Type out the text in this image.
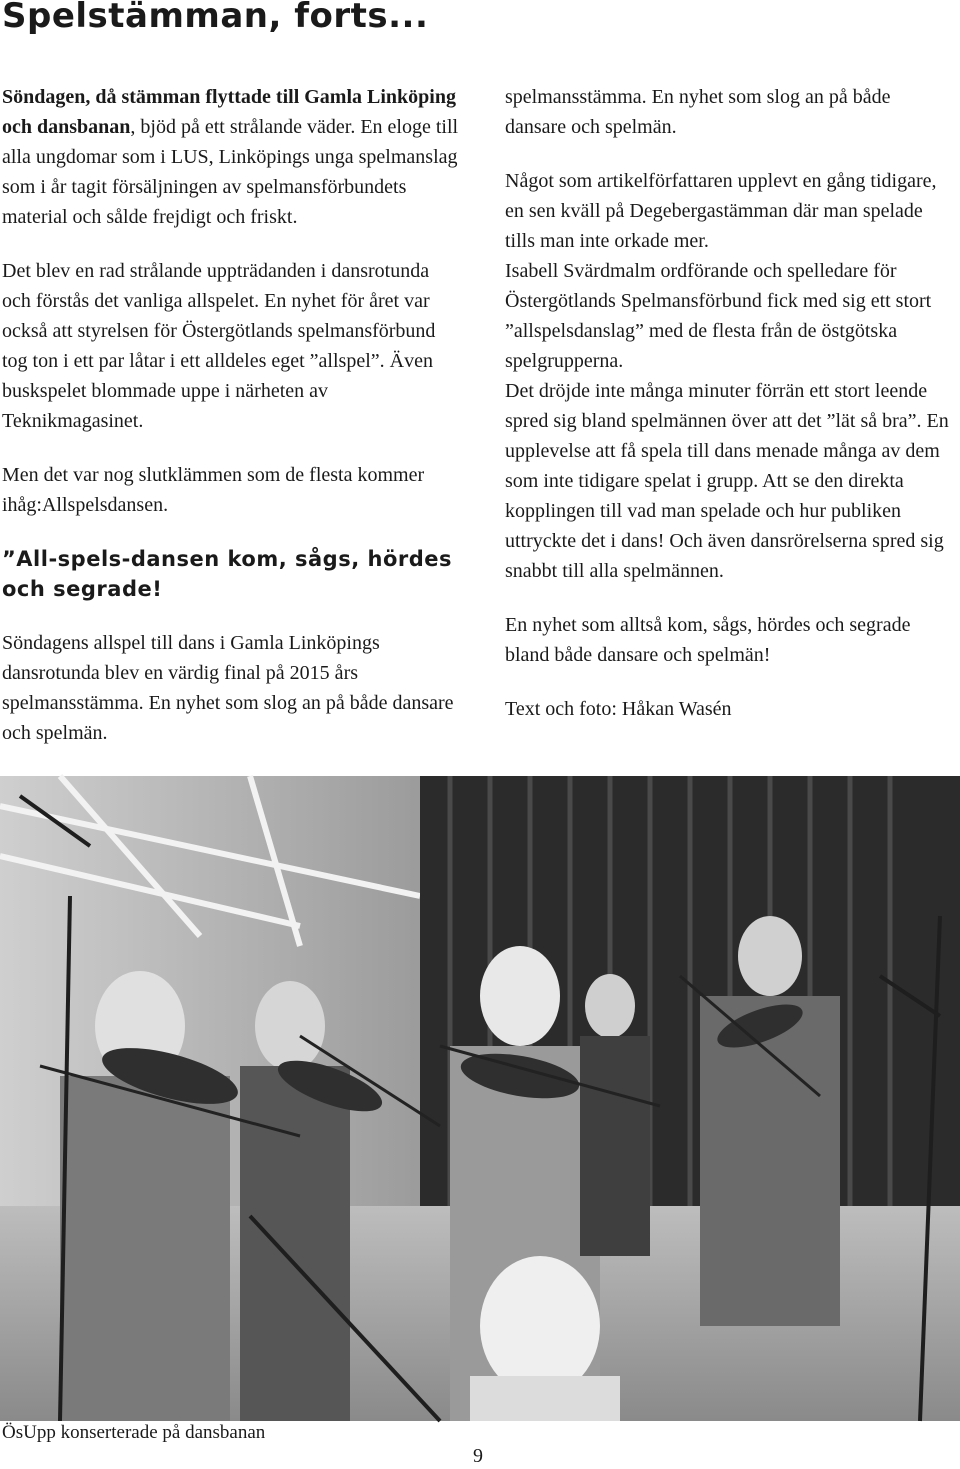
Spelstämman, forts...

Söndagen, då stämman flyttade till Gamla Linköping och dansbanan, bjöd på ett strålande väder. En eloge till alla ungdomar som i LUS, Linköpings unga spelmanslag som i år tagit försäljningen av spelmansförbundets material och sålde frejdigt och friskt.

Det blev en rad strålande uppträdanden i dansrotunda och förstås det vanliga allspelet. En nyhet för året var också att styrelsen för Östergötlands spelmansförbund tog ton i ett par låtar i ett alldeles eget ”allspel”. Även buskspelet blommade uppe i närheten av Teknikmagasinet.

Men det var nog slutklämmen som de flesta kommer ihåg:Allspelsdansen.

”All-spels-dansen kom, sågs, hördes och segrade!

Söndagens allspel till dans i Gamla Linköpings dansrotunda blev en värdig final på 2015 års spelmansstämma. En nyhet som slog an på både dansare och spelmän.

spelmansstämma. En nyhet som slog an på både dansare och spelmän.

Något som artikelförfattaren upplevt en gång tidigare, en sen kväll på Degebergastämman där man spelade tills man inte orkade mer.

Isabell Svärdmalm ordförande och spelledare för Östergötlands Spelmansförbund fick med sig ett stort ”allspelsdanslag” med de flesta från de östgötska spelgrupperna.

Det dröjde inte många minuter förrän ett stort leende spred sig bland spelmännen över att det ”lät så bra”. En upplevelse att få spela till dans menade många av dem som inte tidigare spelat i grupp. Att se den direkta kopplingen till vad man spelade och hur publiken uttryckte det i dans! Och även dansrörelserna spred sig snabbt till alla spelmännen.

En nyhet som alltså kom, sågs, hördes och segrade bland både dansare och spelmän!

Text och foto: Håkan Wasén

ÖsUpp konserterade på dansbanan
9
